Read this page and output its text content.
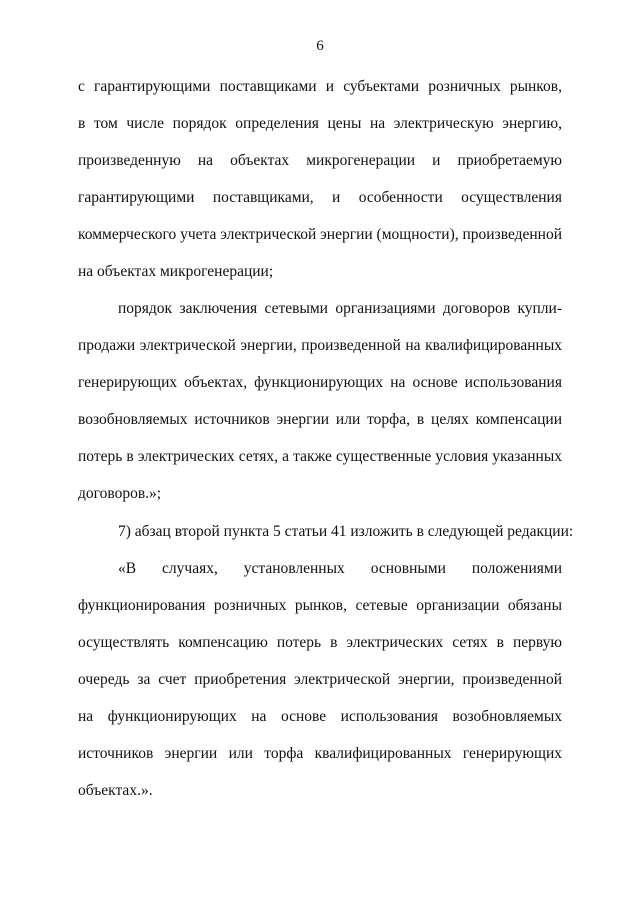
6
с гарантирующими поставщиками и субъектами розничных рынков,
в том числе порядок определения цены на электрическую энергию,
произведенную на объектах микрогенерации и приобретаемую
гарантирующими поставщиками, и особенности осуществления
коммерческого учета электрической энергии (мощности), произведенной
на объектах микрогенерации;
порядок заключения сетевыми организациями договоров купли-
продажи электрической энергии, произведенной на квалифицированных
генерирующих объектах, функционирующих на основе использования
возобновляемых источников энергии или торфа, в целях компенсации
потерь в электрических сетях, а также существенные условия указанных
договоров.»;
7) абзац второй пункта 5 статьи 41 изложить в следующей редакции:
«В случаях, установленных основными положениями
функционирования розничных рынков, сетевые организации обязаны
осуществлять компенсацию потерь в электрических сетях в первую
очередь за счет приобретения электрической энергии, произведенной
на функционирующих на основе использования возобновляемых
источников энергии или торфа квалифицированных генерирующих
объектах.».
